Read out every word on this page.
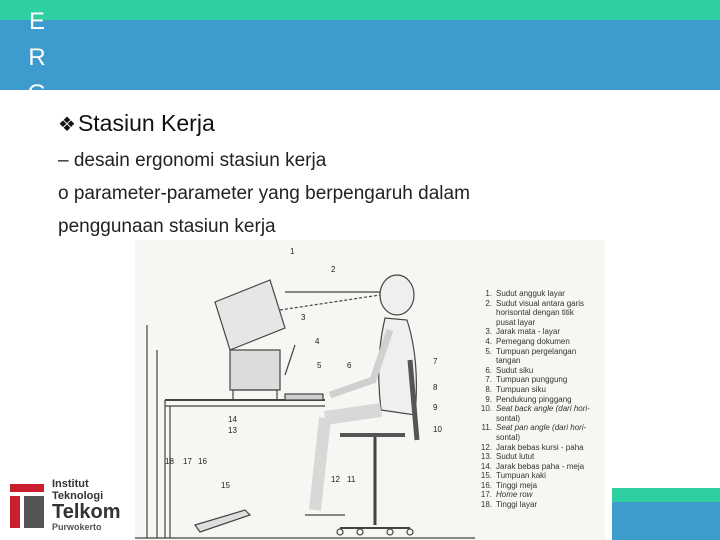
E
R
G
❖Stasiun Kerja
– desain ergonomi stasiun kerja
o parameter-parameter yang berpengaruh dalam
penggunaan stasiun kerja
1
2
3
4
5	6	7
8
9
10
11
12
13
14
15
16
17
18
1. Sudut angguk layar
2. Sudut visual antara garis
horisontal dengan titik
pusat layar
3. Jarak mata - layar
4. Pemegang dokumen
5. Tumpuan pergelangan
tangan
6. Sudut siku
7. Tumpuan punggung
8. Tumpuan siku
9. Pendukung pinggang
10. Seat back angle (dari hori-
sontal)
11. Seat pan angle (dari hori-
sontal)
12. Jarak bebas kursi - paha
13. Sudut lutut
14. Jarak bebas paha - meja
15. Tumpuan kaki
16. Tinggi meja
17. Home row
18. Tinggi layar
Institut
Teknologi
Telkom
Purwokerto
